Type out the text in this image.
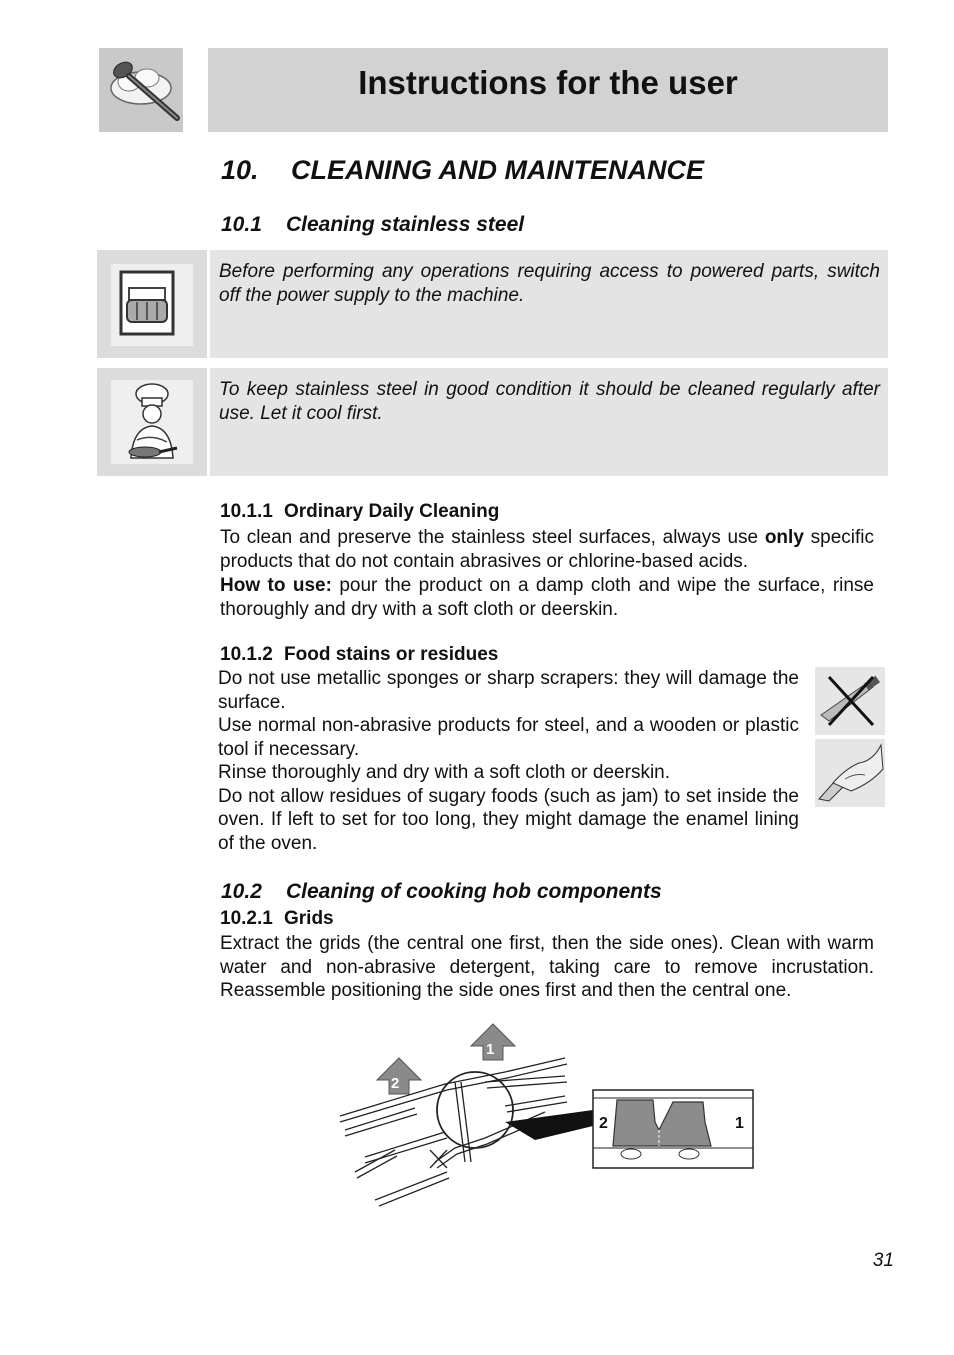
Instructions for the user
10. CLEANING AND MAINTENANCE
10.1 Cleaning stainless steel
Before performing any operations requiring access to powered parts, switch off the power supply to the machine.
To keep stainless steel in good condition it should be cleaned regularly after use. Let it cool first.
10.1.1 Ordinary Daily Cleaning
To clean and preserve the stainless steel surfaces, always use only specific products that do not contain abrasives or chlorine-based acids.
How to use: pour the product on a damp cloth and wipe the surface, rinse thoroughly and dry with a soft cloth or deerskin.
10.1.2 Food stains or residues
Do not use metallic sponges or sharp scrapers: they will damage the surface.
Use normal non-abrasive products for steel, and a wooden or plastic tool if necessary.
Rinse thoroughly and dry with a soft cloth or deerskin.
Do not allow residues of sugary foods (such as jam) to set inside the oven. If left to set for too long, they might damage the enamel lining of the oven.
10.2 Cleaning of cooking hob components
10.2.1 Grids
Extract the grids (the central one first, then the side ones). Clean with warm water and non-abrasive detergent, taking care to remove incrustation. Reassemble positioning the side ones first and then the central one.
2
1
2	1
31
